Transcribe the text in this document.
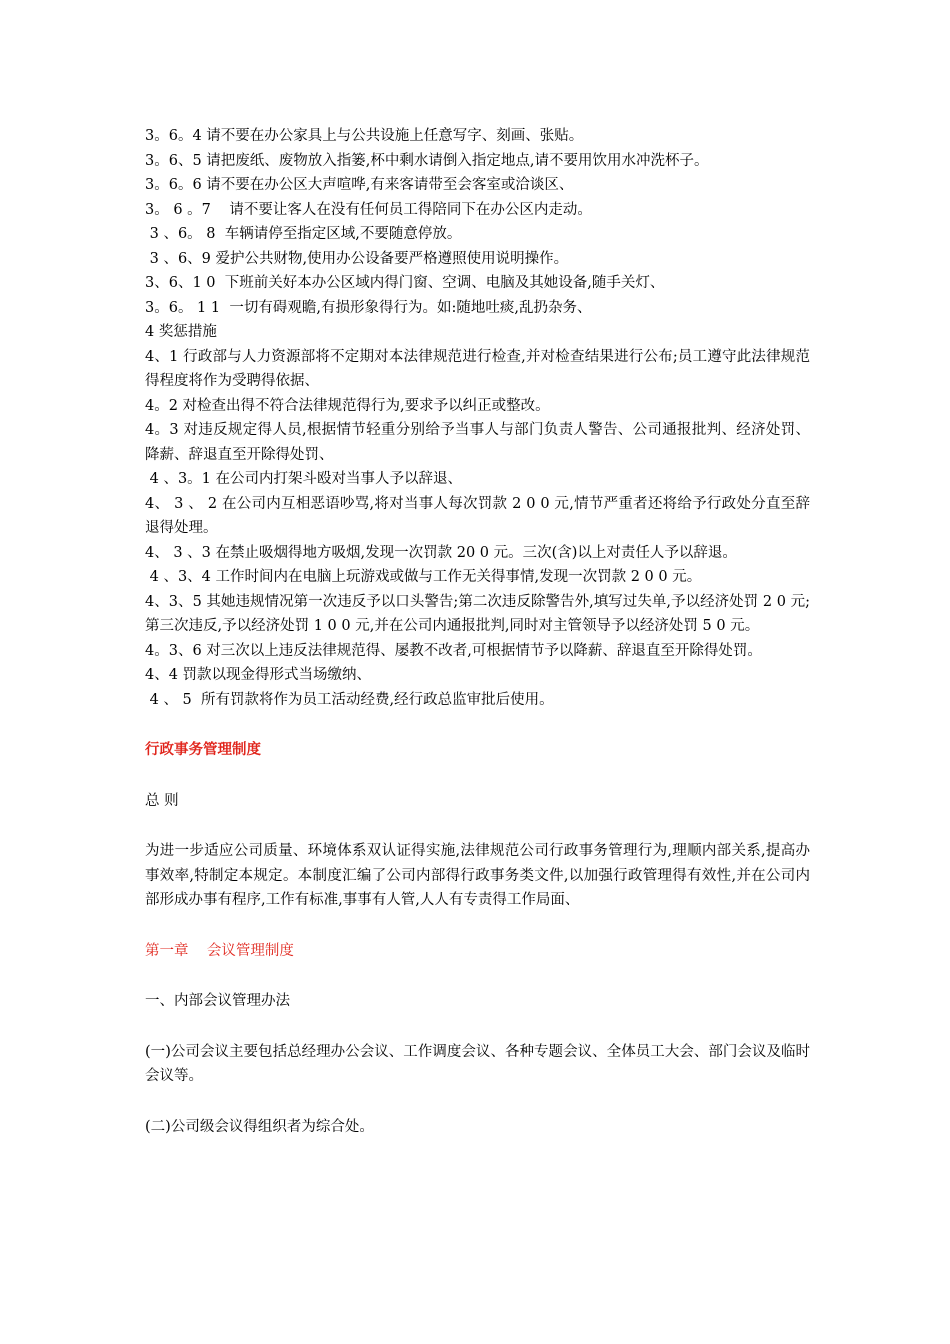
3。6。4 请不要在办公家具上与公共设施上任意写字、刻画、张贴。
3。6、5 请把废纸、废物放入指篓,杯中剩水请倒入指定地点,请不要用饮用水冲洗杯子。
3。6。6 请不要在办公区大声喧哗,有来客请带至会客室或洽谈区、
3。 6 。7    请不要让客人在没有任何员工得陪同下在办公区内走动。
3 、6。 8  车辆请停至指定区域,不要随意停放。
3 、6、9 爱护公共财物,使用办公设备要严格遵照使用说明操作。
3、6、1 0  下班前关好本办公区域内得门窗、空调、电脑及其她设备,随手关灯、
3。6。 1 1  一切有碍观瞻,有损形象得行为。如:随地吐痰,乱扔杂务、
4 奖惩措施
4、1 行政部与人力资源部将不定期对本法律规范进行检查,并对检查结果进行公布;员工遵守此法律规范得程度将作为受聘得依据、
4。2 对检查出得不符合法律规范得行为,要求予以纠正或整改。
4。3 对违反规定得人员,根据情节轻重分别给予当事人与部门负责人警告、公司通报批判、经济处罚、降薪、辞退直至开除得处罚、
4 、3。1 在公司内打架斗殴对当事人予以辞退、
4、 3 、 2 在公司内互相恶语吵骂,将对当事人每次罚款 2 0 0 元,情节严重者还将给予行政处分直至辞退得处理。
4、 3 、3 在禁止吸烟得地方吸烟,发现一次罚款 20 0 元。三次(含)以上对责任人予以辞退。
4 、3、4 工作时间内在电脑上玩游戏或做与工作无关得事情,发现一次罚款 2 0 0 元。
4、3、5 其她违规情况第一次违反予以口头警告;第二次违反除警告外,填写过失单,予以经济处罚 2 0 元;第三次违反,予以经济处罚 1 0 0 元,并在公司内通报批判,同时对主管领导予以经济处罚 5 0 元。
4。3、6 对三次以上违反法律规范得、屡教不改者,可根据情节予以降薪、辞退直至开除得处罚。
4、4 罚款以现金得形式当场缴纳、
4 、 5  所有罚款将作为员工活动经费,经行政总监审批后使用。
行政事务管理制度
总 则
为进一步适应公司质量、环境体系双认证得实施,法律规范公司行政事务管理行为,理顺内部关系,提高办事效率,特制定本规定。本制度汇编了公司内部得行政事务类文件,以加强行政管理得有效性,并在公司内部形成办事有程序,工作有标准,事事有人管,人人有专责得工作局面、
第一章    会议管理制度
一、内部会议管理办法
(一)公司会议主要包括总经理办公会议、工作调度会议、各种专题会议、全体员工大会、部门会议及临时会议等。
(二)公司级会议得组织者为综合处。
